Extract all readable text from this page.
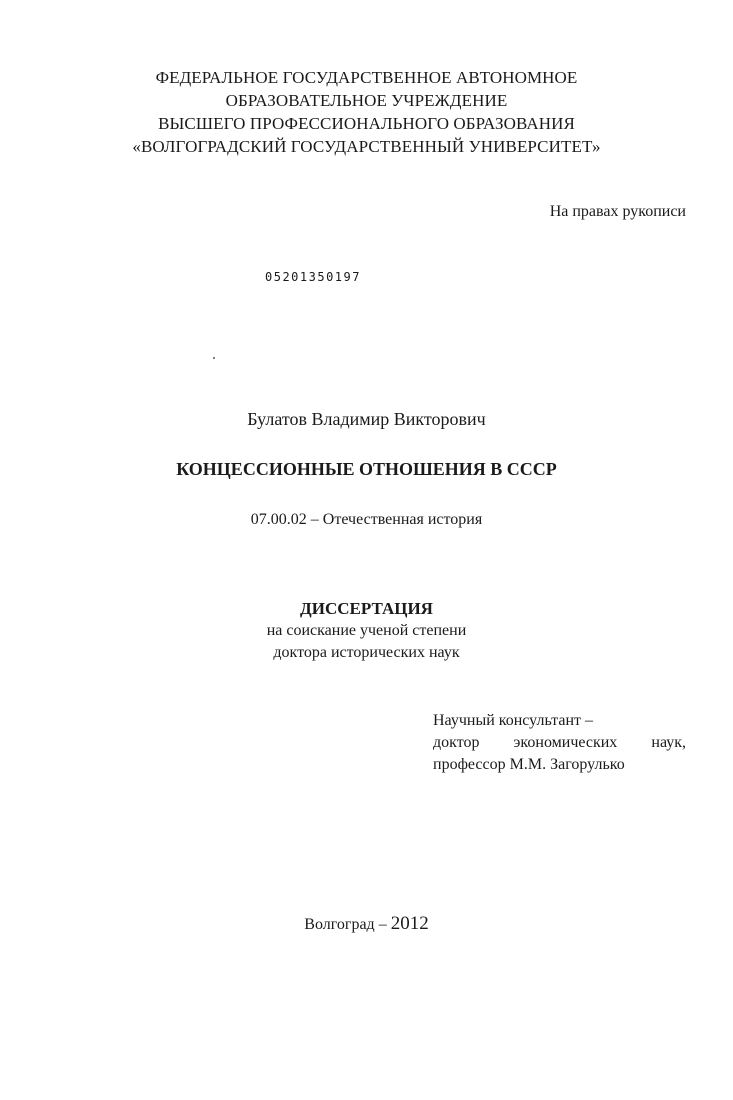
ФЕДЕРАЛЬНОЕ ГОСУДАРСТВЕННОЕ АВТОНОМНОЕ
ОБРАЗОВАТЕЛЬНОЕ УЧРЕЖДЕНИЕ
ВЫСШЕГО ПРОФЕССИОНАЛЬНОГО ОБРАЗОВАНИЯ
«ВОЛГОГРАДСКИЙ ГОСУДАРСТВЕННЫЙ УНИВЕРСИТЕТ»
На правах рукописи
05201350197
Булатов Владимир Викторович
КОНЦЕССИОННЫЕ ОТНОШЕНИЯ В СССР
07.00.02 – Отечественная история
ДИССЕРТАЦИЯ
на соискание ученой степени
доктора исторических наук
Научный консультант –
доктор экономических наук,
профессор М.М. Загорулько
Волгоград – 2012
